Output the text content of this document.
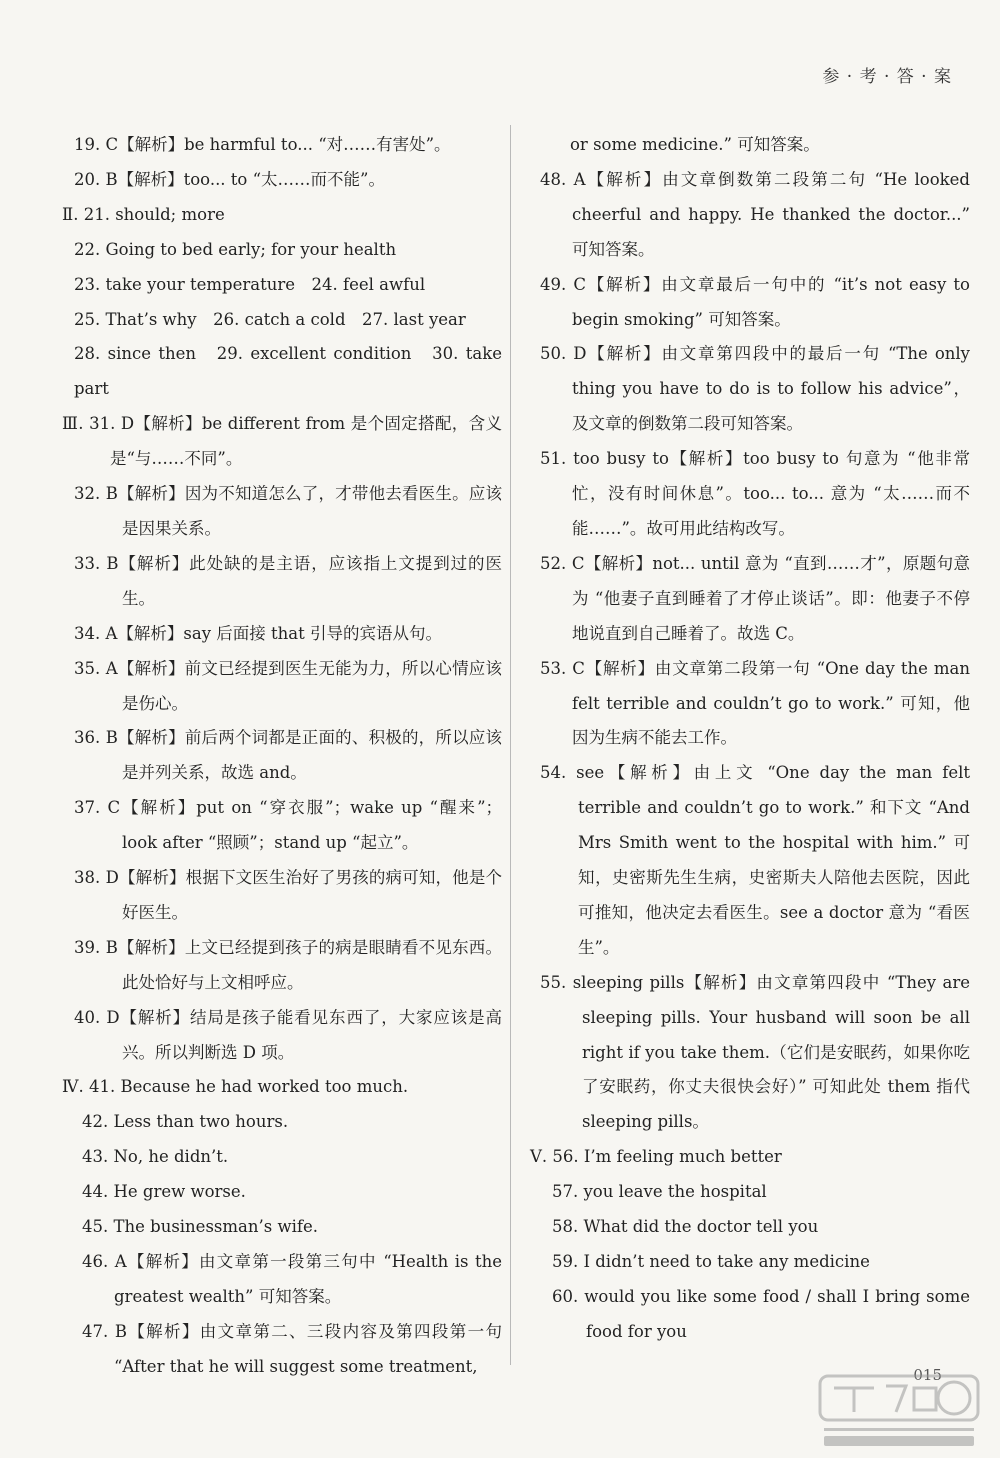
参 · 考 · 答 · 案

19. C【解析】be harmful to... “对……有害处”。

20. B【解析】too... to “太……而不能”。

Ⅱ. 21. should; more

22. Going to bed early; for your health

23. take your temperature　24. feel awful

25. That’s why　26. catch a cold　27. last year

28. since then　29. excellent condition　30. take part

Ⅲ. 31. D【解析】be different from 是个固定搭配，含义是“与……不同”。

32. B【解析】因为不知道怎么了，才带他去看医生。应该是因果关系。

33. B【解析】此处缺的是主语，应该指上文提到过的医生。

34. A【解析】say 后面接 that 引导的宾语从句。

35. A【解析】前文已经提到医生无能为力，所以心情应该是伤心。

36. B【解析】前后两个词都是正面的、积极的，所以应该是并列关系，故选 and。

37. C【解析】put on “穿衣服”；wake up “醒来”；look after “照顾”；stand up “起立”。

38. D【解析】根据下文医生治好了男孩的病可知，他是个好医生。

39. B【解析】上文已经提到孩子的病是眼睛看不见东西。此处恰好与上文相呼应。

40. D【解析】结局是孩子能看见东西了，大家应该是高兴。所以判断选 D 项。

Ⅳ. 41. Because he had worked too much.

42. Less than two hours.

43. No, he didn’t.

44. He grew worse.

45. The businessman’s wife.

46. A【解析】由文章第一段第三句中 “Health is the greatest wealth” 可知答案。

47. B【解析】由文章第二、三段内容及第四段第一句 “After that he will suggest some treatment,

or some medicine.” 可知答案。

48. A【解析】由文章倒数第二段第二句 “He looked cheerful and happy. He thanked the doctor...” 可知答案。

49. C【解析】由文章最后一句中的 “it’s not easy to begin smoking” 可知答案。

50. D【解析】由文章第四段中的最后一句 “The only thing you have to do is to follow his advice”，及文章的倒数第二段可知答案。

51. too busy to【解析】too busy to 句意为 “他非常忙，没有时间休息”。too... to... 意为 “太……而不能……”。故可用此结构改写。

52. C【解析】not... until 意为 “直到……才”，原题句意为 “他妻子直到睡着了才停止谈话”。即：他妻子不停地说直到自己睡着了。故选 C。

53. C【解析】由文章第二段第一句 “One day the man felt terrible and couldn’t go to work.” 可知，他因为生病不能去工作。

54. see【解析】由上文 “One day the man felt terrible and couldn’t go to work.” 和下文 “And Mrs Smith went to the hospital with him.” 可知，史密斯先生生病，史密斯夫人陪他去医院，因此可推知，他决定去看医生。see a doctor 意为 “看医生”。

55. sleeping pills【解析】由文章第四段中 “They are sleeping pills. Your husband will soon be all right if you take them.（它们是安眠药，如果你吃了安眠药，你丈夫很快会好）” 可知此处 them 指代 sleeping pills。

Ⅴ. 56. I’m feeling much better

57. you leave the hospital

58. What did the doctor tell you

59. I didn’t need to take any medicine

60. would you like some food / shall I bring some food for you

015
